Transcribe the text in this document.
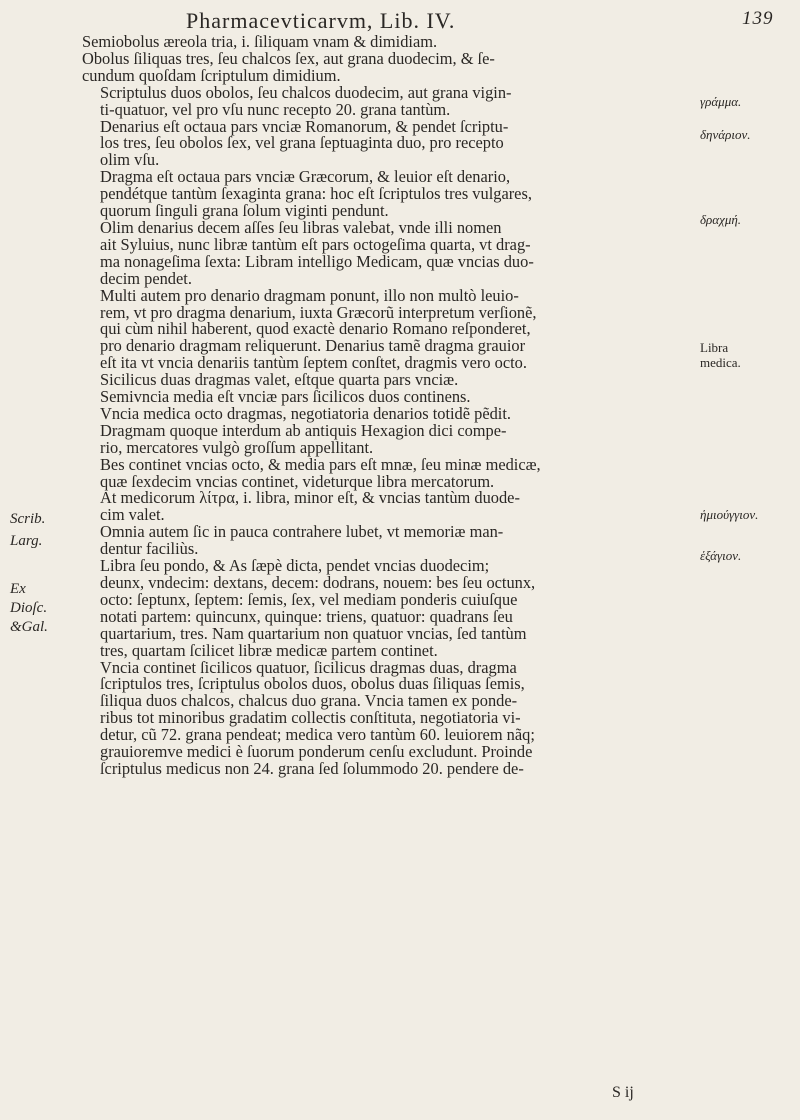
Pharmacevticarvm, Lib. IV.	139

Semiobolus æreola tria, i. ſiliquam vnam & dimidiam.
Obolus ſiliquas tres, ſeu chalcos ſex, aut grana duodecim, & ſe-
cundum quoſdam ſcriptulum dimidium.

Scriptulus duos obolos, ſeu chalcos duodecim, aut grana vigin-
ti-quatuor, vel pro vſu nunc recepto 20. grana tantùm.

Denarius eſt octaua pars vnciæ Romanorum, & pendet ſcriptu-
los tres, ſeu obolos ſex, vel grana ſeptuaginta duo, pro recepto
olim vſu.

Dragma eſt octaua pars vnciæ Græcorum, & leuior eſt denario,
pendétque tantùm ſexaginta grana: hoc eſt ſcriptulos tres vulgares,
quorum ſinguli grana ſolum viginti pendunt.

Olim denarius decem aſſes ſeu libras valebat, vnde illi nomen
ait Syluius, nunc libræ tantùm eſt pars octogeſima quarta, vt drag-
ma nonageſima ſexta: Libram intelligo Medicam, quæ vncias duo-
decim pendet.

Multi autem pro denario dragmam ponunt, illo non multò leuio-
rem, vt pro dragma denarium, iuxta Græcorũ interpretum verſionẽ,
qui cùm nihil haberent, quod exactè denario Romano reſponderet,
pro denario dragmam reliquerunt. Denarius tamẽ dragma grauior
eſt ita vt vncia denariis tantùm ſeptem conſtet, dragmis vero octo.

Sicilicus duas dragmas valet, eſtque quarta pars vnciæ.

Semivncia media eſt vnciæ pars ſicilicos duos continens.

Vncia medica octo dragmas, negotiatoria denarios totidẽ pẽdit.
Dragmam quoque interdum ab antiquis Hexagion dici compe-
rio, mercatores vulgò groſſum appellitant.

Bes continet vncias octo, & media pars eſt mnæ, ſeu minæ medicæ,
quæ ſexdecim vncias continet, videturque libra mercatorum.

At medicorum λίτρα, i. libra, minor eſt, & vncias tantùm duode-
cim valet.

Omnia autem ſic in pauca contrahere lubet, vt memoriæ man-
dentur faciliùs.

Libra ſeu pondo, & As ſæpè dicta, pendet vncias duodecim;
deunx, vndecim: dextans, decem: dodrans, nouem: bes ſeu octunx,
octo: ſeptunx, ſeptem: ſemis, ſex, vel mediam ponderis cuiuſque
notati partem: quincunx, quinque: triens, quatuor: quadrans ſeu
quartarium, tres. Nam quartarium non quatuor vncias, ſed tantùm
tres, quartam ſcilicet libræ medicæ partem continet.

Vncia continet ſicilicos quatuor, ſicilicus dragmas duas, dragma
ſcriptulos tres, ſcriptulus obolos duos, obolus duas ſiliquas ſemis,
ſiliqua duos chalcos, chalcus duo grana. Vncia tamen ex ponde-
ribus tot minoribus gradatim collectis conſtituta, negotiatoria vi-
detur, cũ 72. grana pendeat; medica vero tantùm 60. leuiorem nãq;
grauioremve medici è ſuorum ponderum cenſu excludunt. Proinde
ſcriptulus medicus non 24. grana ſed ſolummodo 20. pendere de-

S ij
γράμμα.
δηνάριον.
δραχμή.
Libra
medica.
ἡμιούγγιον.
ἑξάγιον.
Scrib.
Larg.
Ex
Dioſc.
&Gal.
